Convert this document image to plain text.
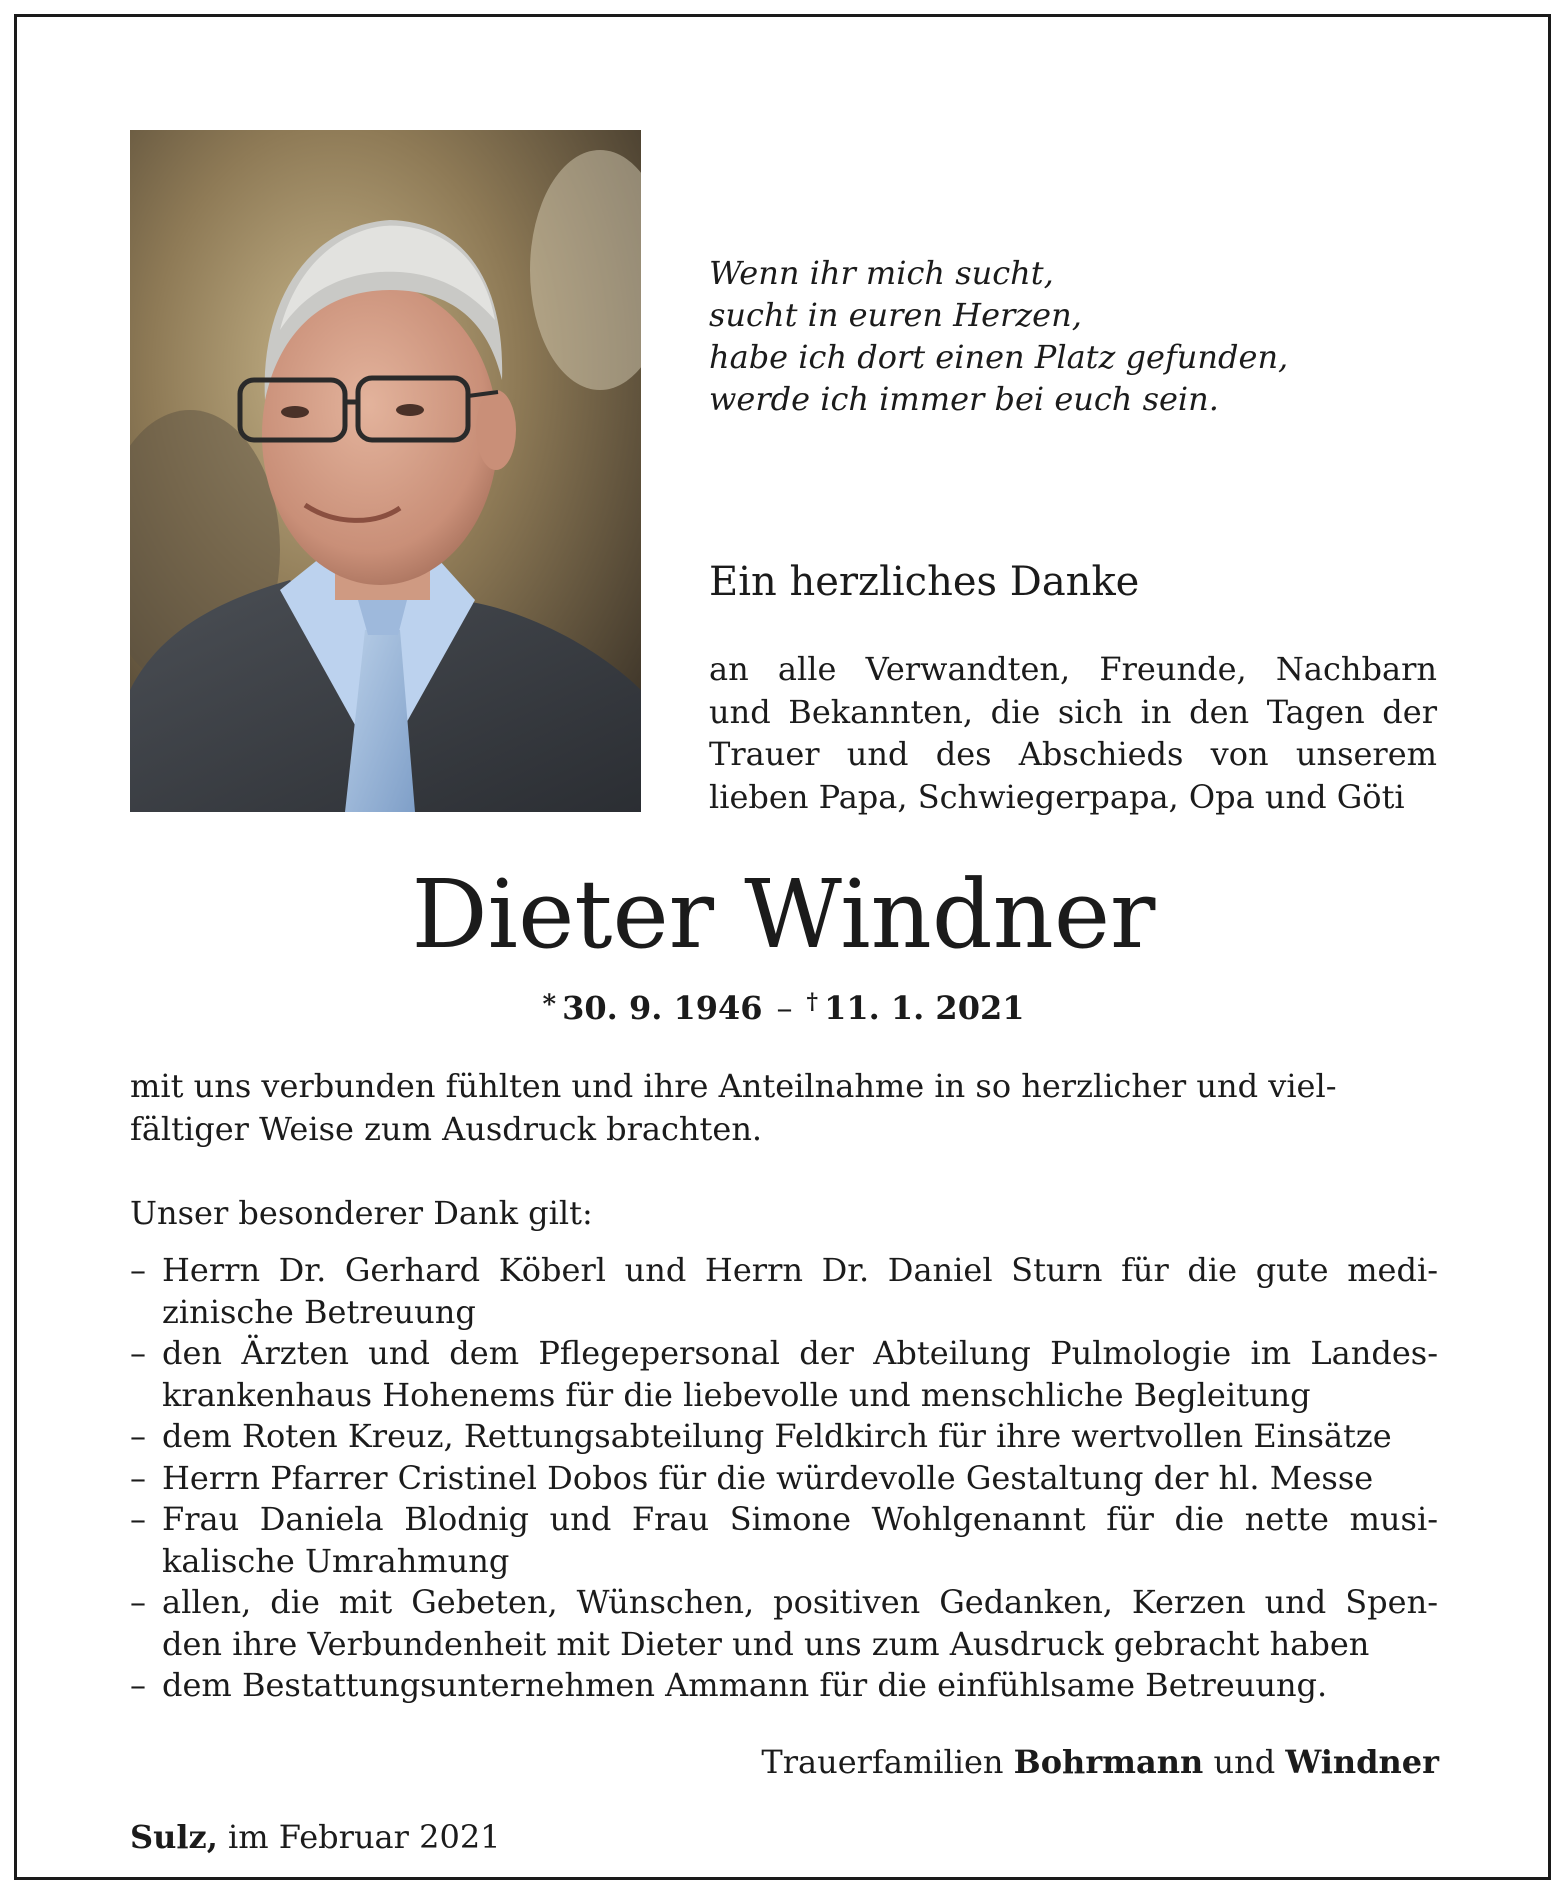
Wenn ihr mich sucht,
sucht in euren Herzen,
habe ich dort einen Platz gefunden,
werde ich immer bei euch sein.
Ein herzliches Danke
an alle Verwandten, Freunde, Nachbarn
und Bekannten, die sich in den Tagen der
Trauer und des Abschieds von unserem
lieben Papa, Schwiegerpapa, Opa und Göti
Dieter Windner
* 30. 9. 1946 – † 11. 1. 2021
mit uns verbunden fühlten und ihre Anteilnahme in so herzlicher und viel-
fältiger Weise zum Ausdruck brachten.
Unser besonderer Dank gilt:
– Herrn Dr. Gerhard Köberl und Herrn Dr. Daniel Sturn für die gute medi-
zinische Betreuung
– den Ärzten und dem Pflegepersonal der Abteilung Pulmologie im Landes-
krankenhaus Hohenems für die liebevolle und menschliche Begleitung
– dem Roten Kreuz, Rettungsabteilung Feldkirch für ihre wertvollen Einsätze
– Herrn Pfarrer Cristinel Dobos für die würdevolle Gestaltung der hl. Messe
– Frau Daniela Blodnig und Frau Simone Wohlgenannt für die nette musi-
kalische Umrahmung
– allen, die mit Gebeten, Wünschen, positiven Gedanken, Kerzen und Spen-
den ihre Verbundenheit mit Dieter und uns zum Ausdruck gebracht haben
– dem Bestattungsunternehmen Ammann für die einfühlsame Betreuung.
Trauerfamilien Bohrmann und Windner
Sulz, im Februar 2021
